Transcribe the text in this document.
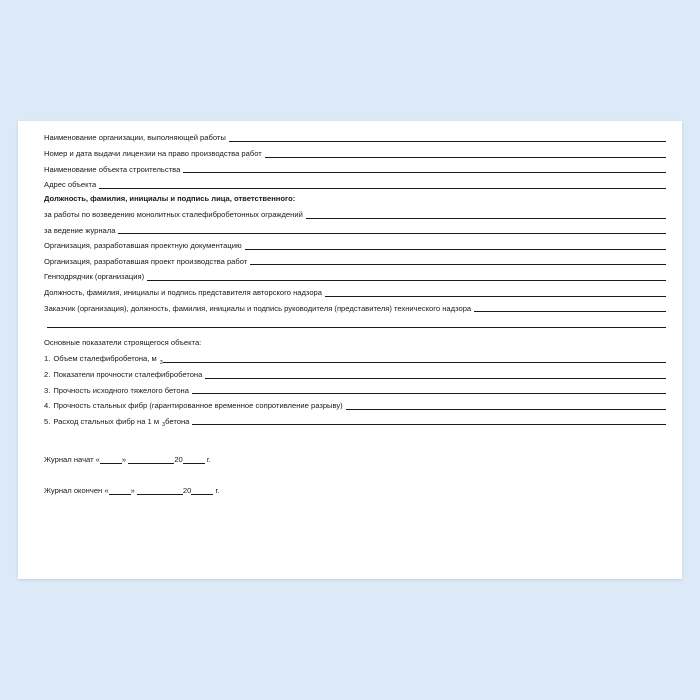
Наименование организации, выполняющей работы
Номер и дата выдачи лицензии на право производства работ
Наименование объекта строительства
Адрес объекта
Должность, фамилия, инициалы и подпись лица, ответственного:
за работы по возведению монолитных сталефибробетонных ограждений
за ведение журнала
Организация, разработавшая проектную документацию
Организация, разработавшая проект производства работ
Генподрядчик (организация)
Должность, фамилия, инициалы и подпись представителя авторского надзора
Заказчик (организация), должность, фамилия, инициалы и подпись руководителя (представителя) технического надзора
Основные показатели строящегося объекта:
1. Объем сталефибробетона, м 3
2. Показатели прочности сталефибробетона
3. Прочность исходного тяжелого бетона
4. Прочность стальных фибр (гарантированное временное сопротивление разрыву)
5. Расход стальных фибр на 1 м 3 бетона
Журнал начат «	»	20	г.
Журнал окончен «	»	20	г.
